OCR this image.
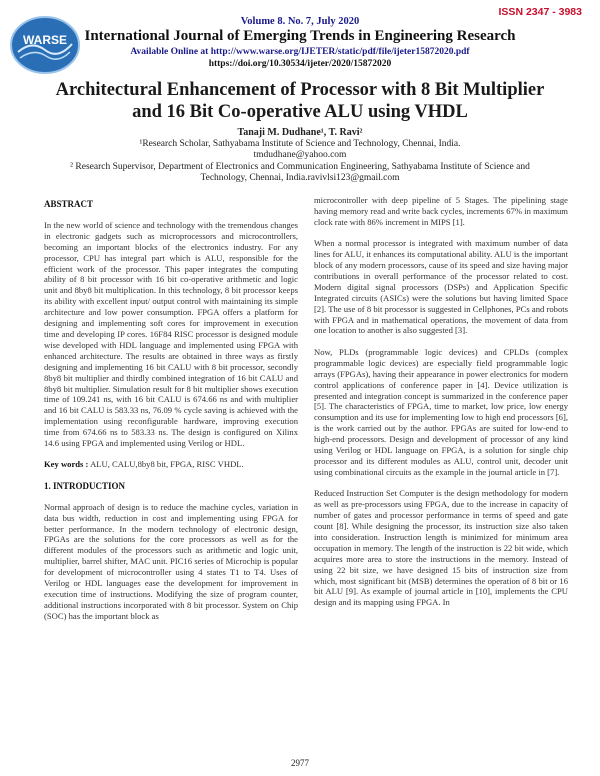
WARSE
ISSN 2347 - 3983
Volume 8. No. 7, July 2020
International Journal of Emerging Trends in Engineering Research
Available Online at http://www.warse.org/IJETER/static/pdf/file/ijeter15872020.pdf
https://doi.org/10.30534/ijeter/2020/15872020
Architectural Enhancement of Processor with 8 Bit Multiplier and 16 Bit Co-operative ALU using VHDL
Tanaji M. Dudhane¹, T. Ravi²
¹Research Scholar, Sathyabama Institute of Science and Technology, Chennai, India.
tmdudhane@yahoo.com
² Research Supervisor, Department of Electronics and Communication Engineering, Sathyabama Institute of Science and Technology, Chennai, India.ravivlsi123@gmail.com
ABSTRACT

In the new world of science and technology with the tremendous changes in electronic gadgets such as microprocessors and microcontrollers, becoming an important blocks of the electronics industry. For any processor, CPU has integral part which is ALU, responsible for the efficient work of the processor. This paper integrates the computing ability of 8 bit processor with 16 bit co-operative arithmetic and logic unit and 8by8 bit multiplication. In this technology, 8 bit processor keeps its ability with excellent input/ output control with maintaining its simple architecture and low power consumption. FPGA offers a platform for designing and implementing soft cores for improvement in execution time and developing IP cores. 16F84 RISC processor is designed module wise developed with HDL language and implemented using FPGA with enhanced architecture. The results are obtained in three ways as firstly designing and implementing 16 bit CALU with 8 bit processor, secondly 8by8 bit multiplier and thirdly combined integration of 16 bit CALU and 8by8 bit multiplier. Simulation result for 8 bit multiplier shows execution time of 109.241 ns, with 16 bit CALU is 674.66 ns and with multiplier and 16 bit CALU is 583.33 ns, 76.09 % cycle saving is achieved with the implementation using reconfigurable hardware, improving execution time from 674.66 ns to 583.33 ns. The design is configured on Xilinx 14.6 using FPGA and implemented using Verilog or HDL.

Key words : ALU, CALU,8by8 bit, FPGA, RISC VHDL.
1. INTRODUCTION

Normal approach of design is to reduce the machine cycles, variation in data bus width, reduction in cost and implementing using FPGA for better performance. In the modern technology of electronic design, FPGAs are the solutions for the core processors as well as for the different modules of the processors such as arithmetic and logic unit, multiplier, barrel shifter, MAC unit. PIC16 series of Microchip is popular for development of microcontroller using 4 states T1 to T4. Uses of Verilog or HDL languages ease the development for improvement in execution time of instructions. Modifying the size of program counter, additional instructions incorporated with 8 bit processor. System on Chip (SOC) has the important block as

microcontroller with deep pipeline of 5 Stages. The pipelining stage having memory read and write back cycles, increments 67% in maximum clock rate with 86% increment in MIPS [1].

When a normal processor is integrated with maximum number of data lines for ALU, it enhances its computational ability. ALU is the important block of any modern processors, cause of its speed and size having major contributions in overall performance of the processor related to cost. Modern digital signal processors (DSPs) and Application Specific Integrated circuits (ASICs) were the solutions but having limited Space [2]. The use of 8 bit processor is suggested in Cellphones, PCs and robots with FPGA and in mathematical operations, the movement of data from one location to another is also suggested [3].

Now, PLDs (programmable logic devices) and CPLDs (complex programmable logic devices) are especially field programmable logic arrays (FPGAs), having their appearance in power electronics for modern control applications of conference paper in [4]. Device utilization is presented and integration concept is summarized in the conference paper [5]. The characteristics of FPGA, time to market, low price, low energy consumption and its use for implementing low to high end processors [6], is the work carried out by the author. FPGAs are suited for low-end to high-end processors. Design and development of processor of any kind using Verilog or HDL language on FPGA, is a solution for single chip processor and its different modules as ALU, control unit, decoder unit using combinational circuits as the example in the journal article in [7].

Reduced Instruction Set Computer is the design methodology for modern as well as pre-processors using FPGA, due to the increase in capacity of number of gates and processor performance in terms of speed and gate count [8]. While designing the processor, its instruction size also taken into consideration. Instruction length is minimized for minimum area occupation in memory. The length of the instruction is 22 bit wide, which acquires more area to store the instructions in the memory. Instead of using 22 bit size, we have designed 15 bits of instruction size from which, most significant bit (MSB) determines the operation of 8 bit or 16 bit ALU [9]. As example of journal article in [10], implements the CPU design and its mapping using FPGA. In

2977
